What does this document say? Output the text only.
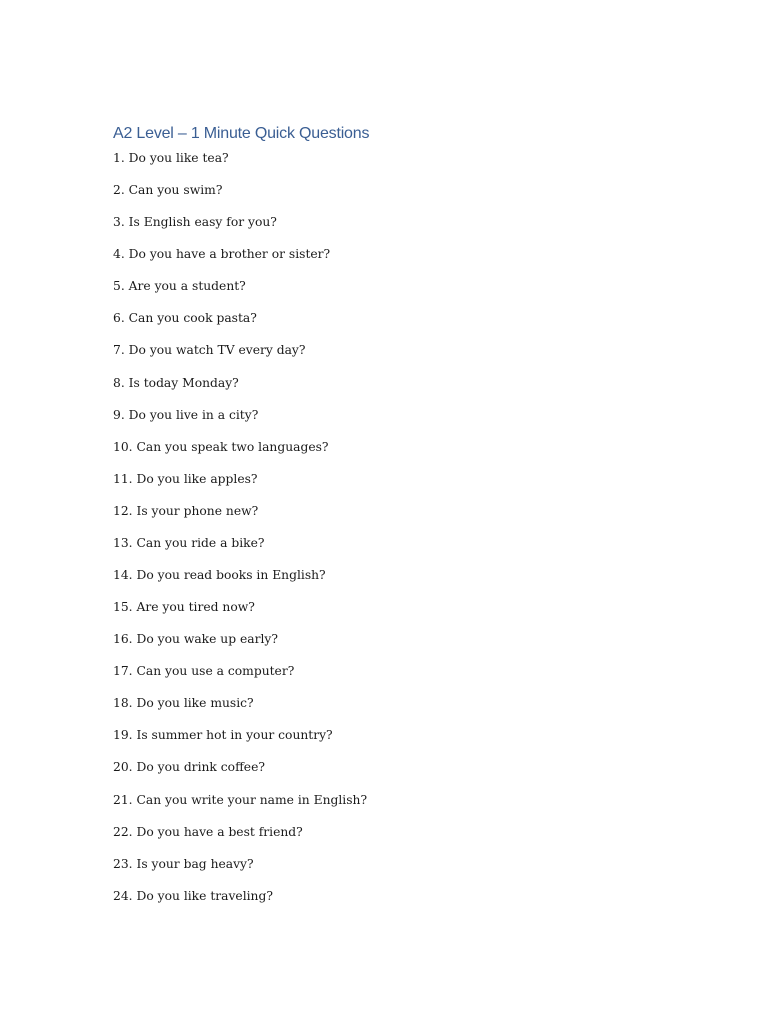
A2 Level – 1 Minute Quick Questions
1. Do you like tea?
2. Can you swim?
3. Is English easy for you?
4. Do you have a brother or sister?
5. Are you a student?
6. Can you cook pasta?
7. Do you watch TV every day?
8. Is today Monday?
9. Do you live in a city?
10. Can you speak two languages?
11. Do you like apples?
12. Is your phone new?
13. Can you ride a bike?
14. Do you read books in English?
15. Are you tired now?
16. Do you wake up early?
17. Can you use a computer?
18. Do you like music?
19. Is summer hot in your country?
20. Do you drink coffee?
21. Can you write your name in English?
22. Do you have a best friend?
23. Is your bag heavy?
24. Do you like traveling?
